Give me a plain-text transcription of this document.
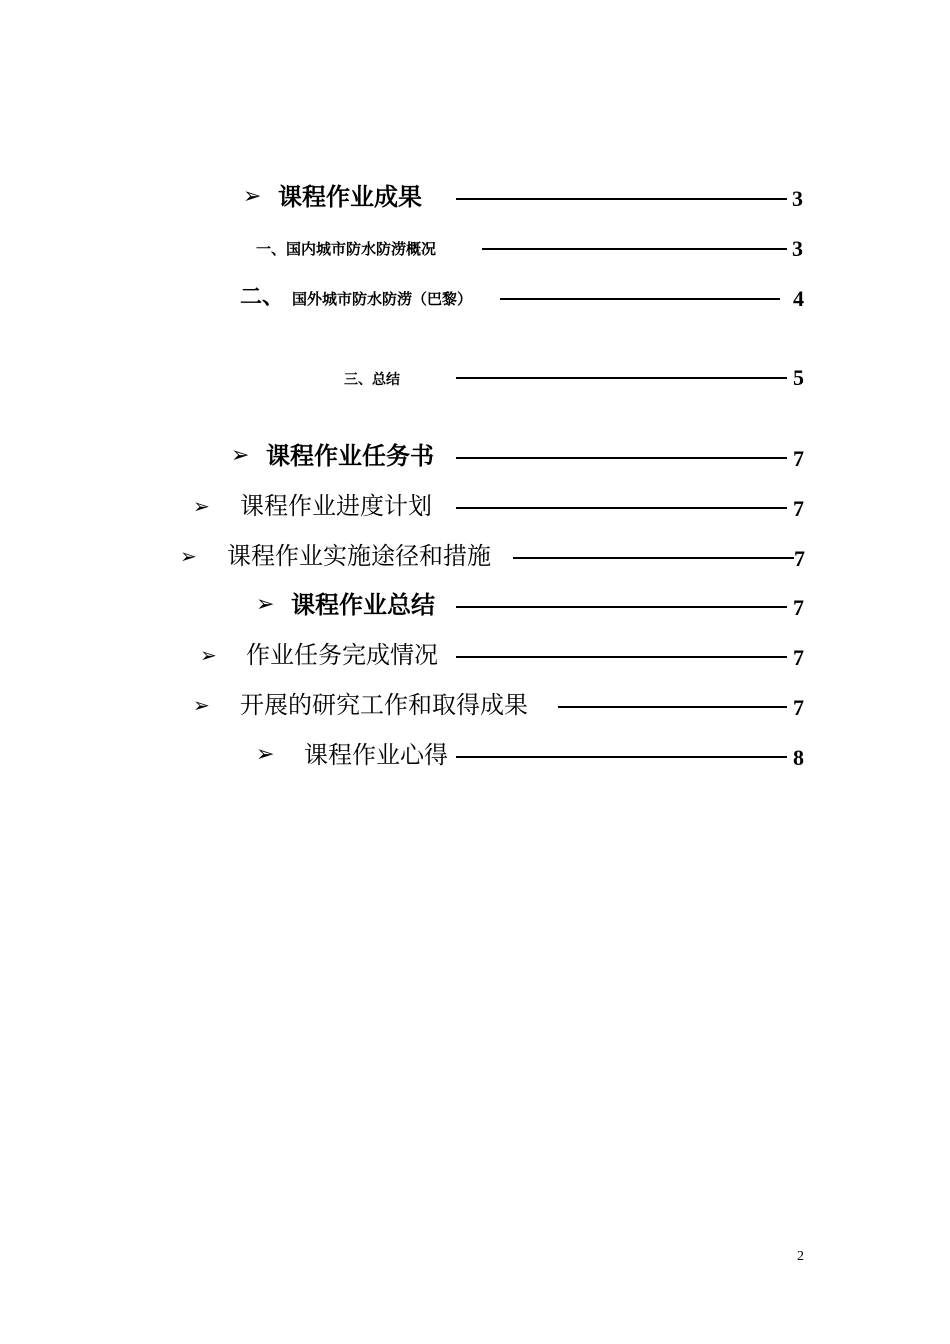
➢ 课程作业成果	3
一、国内城市防水防涝概况	3
二、 国外城市防水防涝（巴黎）	4
三、总结	5
➢ 课程作业任务书	7
➢ 课程作业进度计划	7
➢ 课程作业实施途径和措施	7
➢ 课程作业总结	7
➢ 作业任务完成情况	7
➢ 开展的研究工作和取得成果	7
➢ 课程作业心得	8
2
